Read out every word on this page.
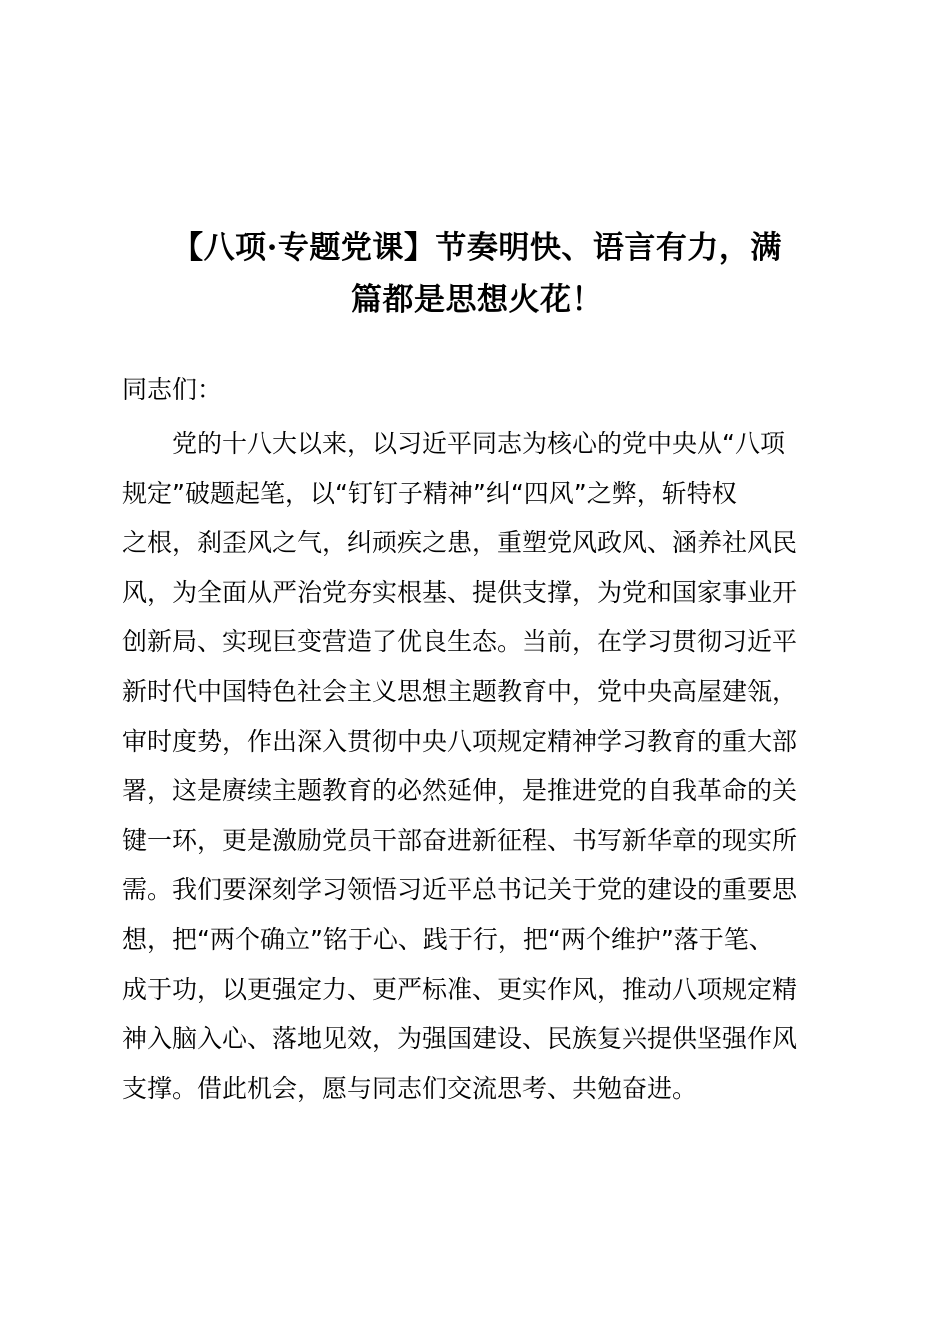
【八项·专题党课】节奏明快、语言有力，满
篇都是思想火花！

同志们：

党的十八大以来，以习近平同志为核心的党中央从“八项
规定”破题起笔，以“钉钉子精神”纠“四风”之弊，斩特权
之根，刹歪风之气，纠顽疾之患，重塑党风政风、涵养社风民
风，为全面从严治党夯实根基、提供支撑，为党和国家事业开
创新局、实现巨变营造了优良生态。当前，在学习贯彻习近平
新时代中国特色社会主义思想主题教育中，党中央高屋建瓴，
审时度势，作出深入贯彻中央八项规定精神学习教育的重大部
署，这是赓续主题教育的必然延伸，是推进党的自我革命的关
键一环，更是激励党员干部奋进新征程、书写新华章的现实所
需。我们要深刻学习领悟习近平总书记关于党的建设的重要思
想，把“两个确立”铭于心、践于行，把“两个维护”落于笔、
成于功，以更强定力、更严标准、更实作风，推动八项规定精
神入脑入心、落地见效，为强国建设、民族复兴提供坚强作风
支撑。借此机会，愿与同志们交流思考、共勉奋进。
